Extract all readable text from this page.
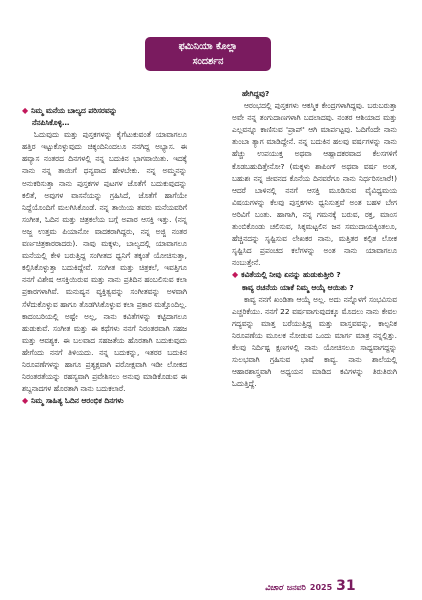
ಫಮಿನಿಯಾ ಕೊಲ್ಲಾ
ಸಂದರ್ಶನ

◆ ನಿಮ್ಮ ಮನೆಯ ಬಾಲ್ಯದ ಪರಿಸರವನ್ನು
ನೆನಪಿಸಿಕೊಳ್ಳಿ…

ಓದುವುದು ಮತ್ತು ಪುಸ್ತಕಗಳನ್ನು ಕೈಗೆಟುಕುವಂತೆ ಯಾವಾಗಲೂ ಹತ್ತಿರ ಇಟ್ಟುಕೊಳ್ಳುವುದು ಚಿಕ್ಕಂದಿನಿಂದಲೂ ನನಗಿದ್ದ ಅಭ್ಯಾಸ. ಈ ಹವ್ಯಾಸ ನಂತರದ ದಿನಗಳಲ್ಲಿ ನನ್ನ ಬದುಕಿನ ಭಾಗವಾಯಿತು. ಇದಕ್ಕೆ ನಾನು ನನ್ನ ತಾಯಿಗೆ ಧನ್ಯವಾದ ಹೇಳಬೇಕು. ನನ್ನ ಅಮ್ಮನನ್ನು ಅನುಕರಿಸುತ್ತಾ ನಾನು ಪುಸ್ತಕಗಳ ಪುಟಗಳ ಜೊತೆಗೆ ಬದುಕುವುದನ್ನು ಕಲಿತೆ, ಅವುಗಳ ವಾಸನೆಯನ್ನು ಗ್ರಹಿಸಿದೆ, ಜೊತೆಗೆ ಹಾಗೆಯೇ ನಿದ್ದೆಯೊಂದಿಗೆ ಮಲಗಿಸಿಕೊಂಡೆ. ನನ್ನ ತಾಯಿಯ ತವರು ಮನೆಯವರಿಗೆ ಸಂಗೀತ, ಓದಿನ ಮತ್ತು ಚಿತ್ರಕಲೆಯ ಬಗ್ಗೆ ಅಪಾರ ಆಸಕ್ತಿ ಇತ್ತು. (ನನ್ನ ಅಜ್ಜ ಉತ್ತಮ ಪಿಯಾನೋ ವಾದಕರಾಗಿದ್ದರು, ನನ್ನ ಅಜ್ಜಿ ನಂತರ ವರ್ಣಚಿತ್ರಕಾರರಾದರು). ನಾವು ಮಕ್ಕಳು, ಬಾಲ್ಯದಲ್ಲಿ ಯಾವಾಗಲೂ ಮನೆಯಲ್ಲಿ ಕೇಳಿ ಬರುತ್ತಿದ್ದ ಸಂಗೀತದ ಧ್ವನಿಗೆ ತಕ್ಕಂತೆ ಯೋಚಿಸುತ್ತಾ, ಕಲ್ಪಿಸಿಕೊಳ್ಳುತ್ತಾ ಬದುಕಿದ್ದೇವೆ. ಸಂಗೀತ ಮತ್ತು ಚಿತ್ರಕಲೆ, ಇವತ್ತಿಗೂ ನನಗೆ ವಿಶೇಷ ಆಸಕ್ತಿಯಿರುವ ಮತ್ತು ನಾನು ಪ್ರತಿದಿನ ಹಂಬಲಿಸುವ ಕಲಾ ಪ್ರಕಾರಗಳಾಗಿವೆ. ಮನುಷ್ಯನ ವ್ಯಕ್ತಿತ್ವವನ್ನು ಸಂಗೀತವನ್ನು ಅಳವಾಗಿ ಸೆಳೆದುಕೊಳ್ಳುವ ಹಾಗೂ ತೊಡಗಿಸಿಕೊಳ್ಳುವ ಕಲಾ ಪ್ರಕಾರ ಮತ್ತೊಂದಿಲ್ಲ. ಕಾದಂಬರಿಯಲ್ಲಿ ಅಷ್ಟೇ ಅಲ್ಲ, ನಾನು ಕವಿತೆಗಳನ್ನು ಕಟ್ಟಿದಾಗಲೂ ಹುಡುಕುವೆ. ಸಂಗೀತ ಮತ್ತು ಈ ಕಥೆಗಳು ನನಗೆ ನಿರಂತರವಾಗಿ ಸಹಜ ಮತ್ತು ಆವಶ್ಯಕ. ಈ ಬಲವಾದ ಸಹಜತೆಯ ಹೊರತಾಗಿ ಬದುಕುವುದು ಹೇಗೆಂದು ನನಗೆ ತಿಳಿಯದು. ನನ್ನ ಬದುಕನ್ನು, ಇತರರ ಬದುಕಿನ ನಿರೂಪಣೆಗಳನ್ನು ಹಾಗೂ ಪ್ರತ್ಯಕ್ಷವಾಗಿ ಪರೋಕ್ಷವಾಗಿ ಇಡೀ ಲೋಕದ ನಿರಂತರತೆಯನ್ನು ರಹಸ್ಯವಾಗಿ ಪ್ರವೇಶಿಸಲು ಅನುವು ಮಾಡಿಕೊಡುವ ಈ ಶಬ್ದನಾದಗಳ ಹೊರತಾಗಿ ನಾನು ಬದುಕಲಾರೆ.

◆ ನಿಮ್ಮ ಸಾಹಿತ್ಯ ಓದಿನ ಆರಂಭಿಕ ದಿನಗಳು

ಹೇಗಿದ್ದವು?

ಆರಂಭದಲ್ಲಿ ಪುಸ್ತಕಗಳು ಆಕಸ್ಮಿಕ ಕೇಂದ್ರಗಳಾಗಿದ್ದವು. ಬರುಬರುತ್ತಾ ಅವೇ ನನ್ನ ತಂಗುದಾಣಗಳಾಗಿ ಬದಲಾದವು. ನಂತರ ಆಶಿಯಾದ ಮತ್ತು ಎಲ್ಲವನ್ನೂ ಕಾಣಿಸುವ 'ಪ್ರಾಪ್' ಆಗಿ ಮಾರ್ಪಟ್ಟವು. ಓದಿಗೆಂದೇ ನಾನು ತುಂಬಾ ತ್ಯಾಗ ಮಾಡಿದ್ದೇನೆ. ನನ್ನ ಬದುಕಿನ ಹಲವು ವರ್ಷಗಳನ್ನು ನಾನು ಹೆಚ್ಚು ಉಪಯುಕ್ತ ಅಥವಾ ಆಹ್ಲಾದಕರವಾದ ಕೆಲಸಗಳಿಗೆ ಕೊಡಬಹುದಿತ್ತೇನೋ? (ಮಕ್ಕಳು ಶಾಪಿಂಗ್ ಅಥವಾ ವರ್ಷ ಅಂತ, ಬಹುಶಃ ನನ್ನ ಜೀವನದ ಕೊನೆಯ ದಿನವರೆಗೂ ನಾನು ನಿರ್ಧರಿಸಲಾರೆ!) ಆದರೆ ಬಾಳಿನಲ್ಲಿ ನನಗೆ ಆಸಕ್ತಿ ಮೂಡಿಸುವ ವೈವಿಧ್ಯಮಯ ವಿಷಯಗಳನ್ನು ಕೆಲವು ಪುಸ್ತಕಗಳು ಧ್ವನಿಸುತ್ತವೆ ಅಂತ ಬಹಳ ಬೇಗ ಅರಿವಿಗೆ ಬಂತು. ಹಾಗಾಗಿ, ನನ್ನ ಗಮನಕ್ಕೆ ಬರುವ, ರಕ್ತ, ಮಾಂಸ ತುಂಬಿಕೊಂಡು ಚಲಿಸುವ, ಸಿಕ್ಕಮಟ್ಟಲಿನ ಜನ ಸಮುದಾಯಕ್ಕಿಂತಲೂ, ಹೆಚ್ಚಿನದನ್ನು ಸೃಷ್ಟಿಸುವ ಲೇಖಕರ ನಾನು, ಮತ್ತಿತರ ಕಲ್ಪಿತ ಲೋಕ ಸೃಷ್ಟಿಸಿದ ಪ್ರಪಂಚದ ಕಲೆಗಳನ್ನು ಅಂತ ನಾನು ಯಾವಾಗಲೂ ನಂಬುತ್ತೇನೆ.

◆ ಕವಿತೆಯಲ್ಲಿ ನೀವು ಏನನ್ನು ಹುಡುಕುತ್ತೀರಿ ?
ಕಾವ್ಯ ರಚನೆಯ ಯಾಕೆ ನಿಮ್ಮ ಆಯ್ಕೆ ಆಯಿತು ?

ಕಾವ್ಯ ನನಗೆ ಖಂಡಿತಾ ಆಯ್ಕೆ ಅಲ್ಲ. ಅದು ನನ್ನೊಳಗೆ ಸಂಭವಿಸುವ ಎಚ್ಚರಿಕೆಯು. ನನಗೆ 22 ವರ್ಷವಾಗುವುದಕ್ಕೂ ಮೊದಲು ನಾನು ಕೇವಲ ಗದ್ಯವನ್ನು ಮಾತ್ತ ಬರೆಯುತ್ತಿದ್ದ ಮತ್ತು ವಾಸ್ತವವನ್ನು, ಕಾಲ್ಪನಿಕ ನಿರೂಪಣೆಯ ಮೂಲಕ ನೋಡುವ ಒಂದು ಮಾರ್ಗ ಮಾತ್ರ ನನ್ನಲ್ಲಿತ್ತು. ಕೆಲವು ನಿರ್ದಿಷ್ಟ ಕ್ಷಣಗಳಲ್ಲಿ ನಾನು ಯೋಚಿಸಲೂ ಸಾಧ್ಯವಾಗದ್ದನ್ನು ಸುಲಭವಾಗಿ ಗ್ರಹಿಸುವ ಭಾಷೆ ಕಾವ್ಯ. ನಾನು ಶಾಲೆಯಲ್ಲಿ ಆಹಾರಶಾಸ್ತ್ರವಾಗಿ ಅಧ್ಯಯನ ಮಾಡಿದ ಕವಿಗಳನ್ನು ತಿರುತಿರುಗಿ ಓದುತ್ತಿದ್ದೆ.

ವಿಚಾರ ಜನವರಿ 2025 31
